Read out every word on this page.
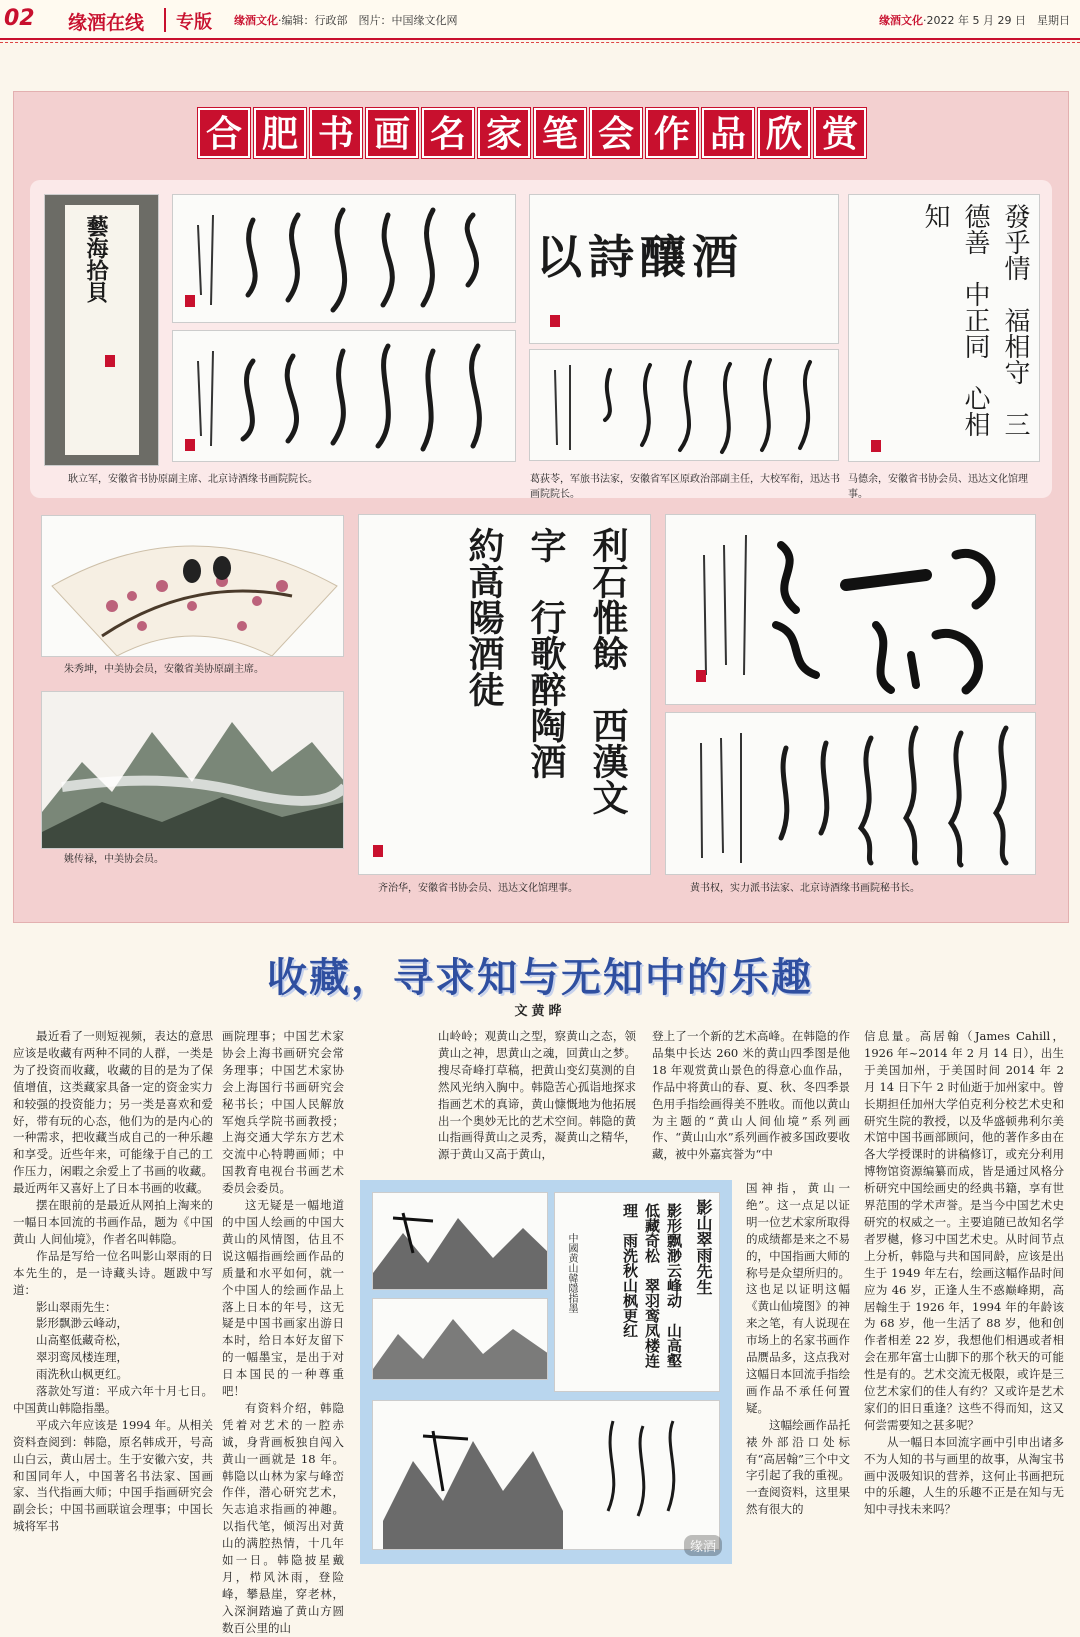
02 缘酒在线 专版 缘酒文化·编辑：行政部　图片：中国缘文化网	缘酒文化·2022 年 5 月 29 日　星期日
合 肥 书 画 名 家 笔 会 作 品 欣 赏
藝海拾貝	以詩釀酒	發乎情　福相守　三德善　中正同　心相知
耿立军，安徽省书协原副主席、北京诗酒缘书画院院长。	葛荻苓，军旅书法家，安徽省军区原政治部副主任，大校军衔，迅达书画院院长。
马德余，安徽省书协会员、迅达文化馆理事。
朱秀坤，中美协会员，安徽省美协原副主席。
姚传禄，中美协会员。
利石惟餘　西漢文字　行歌醉陶酒　約高陽酒徒
齐治华，安徽省书协会员、迅达文化馆理事。	黄书权，实力派书法家、北京诗酒缘书画院秘书长。
收藏，寻求知与无知中的乐趣
文黄晔

最近看了一则短视频，表达的意思应该是收藏有两种不同的人群，一类是为了投资而收藏，收藏的目的是为了保值增值，这类藏家具备一定的资金实力和较强的投资能力；另一类是喜欢和爱好，带有玩的心态，他们为的是内心的一种需求，把收藏当成自己的一种乐趣和享受。近些年来，可能缘于自己的工作压力，闲暇之余爱上了书画的收藏。最近两年又喜好上了日本书画的收藏。

摆在眼前的是最近从网拍上淘来的一幅日本回流的书画作品，题为《中国黄山 人间仙境》，作者名叫韩隐。

作品是写给一位名叫影山翠雨的日本先生的，是一诗藏头诗。题跋中写道：

影山翠雨先生：

影形飘渺云峰动，

山高壑低藏奇松，

翠羽鸾凤楼连理，

雨洗秋山枫更红。

落款处写道：平成六年十月七日。中国黄山韩隐指墨。

平成六年应该是 1994 年。从相关资料查阅到：韩隐，原名韩成开，号高山白云，黄山居士。生于安徽六安，共和国同年人，中国著名书法家、国画家、当代指画大师；中国手指画研究会副会长；中国书画联谊会理事；中国长城将军书

画院理事；中国艺术家协会上海书画研究会常务理事；中国艺术家协会上海国行书画研究会秘书长；中国人民解放军炮兵学院书画教授；上海交通大学东方艺术交流中心特聘画师；中国教育电视台书画艺术委员会委员。

这无疑是一幅地道的中国人绘画的中国大黄山的风情图，估且不说这幅指画绘画作品的质量和水平如何，就一个中国人的绘画作品上落上日本的年号，这无疑是中国书画家出游日本时，给日本好友留下的一幅墨宝，是出于对日本国民的一种尊重吧！

有资料介绍，韩隐凭着对艺术的一腔赤诚，身背画板独自闯入黄山一画就是 18 年。韩隐以山林为家与峰峦作伴，潜心研究艺术，矢志追求指画的神趣。以指代笔，倾泻出对黄山的满腔热情，十几年如一日。韩隐披星戴月，栉风沐雨，登险峰，攀悬崖，穿老林，入深涧踏遍了黄山方圆数百公里的山

山岭岭；观黄山之型，察黄山之态，领黄山之神，思黄山之魂，回黄山之梦。搜尽奇峰打草稿，把黄山变幻莫测的自然风光纳入胸中。韩隐苦心孤诣地探求指画艺术的真谛，黄山慷慨地为他拓展出一个奥妙无比的艺术空间。韩隐的黄山指画得黄山之灵秀，凝黄山之精华，源于黄山又高于黄山，

登上了一个新的艺术高峰。在韩隐的作品集中长达 260 米的黄山四季图是他 18 年观赏黄山景色的得意心血作品，作品中将黄山的春、夏、秋、冬四季景色用手指绘画得美不胜收。而他以黄山为主题的“黄山人间仙境”系列画作、“黄山山水”系列画作被多国政要收藏，被中外嘉宾誉为“中

国神指，黄山一绝”。这一点足以证明一位艺术家所取得的成绩都是来之不易的，中国指画大师的称号是众望所归的。这也足以证明这幅《黄山仙境图》的神来之笔，有人说现在市场上的名家书画作品赝品多，这点我对这幅日本回流手指绘画作品不承任何置疑。

这幅绘画作品托裱外部沿口处标有“高居翰”三个中文字引起了我的重视。一查阅资料，这里果然有很大的

信息量。高居翰（James Cahill，1926 年~2014 年 2 月 14 日），出生于美国加州，于美国时间 2014 年 2 月 14 日下午 2 时仙逝于加州家中。曾长期担任加州大学伯克利分校艺术史和研究生院的教授，以及华盛顿弗利尔美术馆中国书画部顾问，他的著作多由在各大学授课时的讲稿修订，或充分利用博物馆资源编纂而成，皆是通过风格分析研究中国绘画史的经典书籍，享有世界范围的学术声誉。是当今中国艺术史研究的权威之一。主要追随已故知名学者罗樾，修习中国艺术史。从时间节点上分析，韩隐与共和国同龄，应该是出生于 1949 年左右，绘画这幅作品时间应为 46 岁，正逢人生不惑巅峰期，高居翰生于 1926 年，1994 年的年龄该为 68 岁，他一生活了 88 岁，他和创作者相差 22 岁，我想他们相遇或者相会在那年富士山脚下的那个秋天的可能性是有的。艺术交流无极限，或许是三位艺术家们的佳人有约？又或许是艺术家们的旧日重逢？这些不得而知，这又何尝需要知之甚多呢？

从一幅日本回流字画中引申出诸多不为人知的书与画里的故事，从淘宝书画中汲吸知识的营养，这何止书画把玩中的乐趣，人生的乐趣不正是在知与无知中寻找未来吗？

影山翠雨先生
影形飘渺云峰动　山高壑低藏奇松　翠羽鸾凤楼连理　雨洗秋山枫更红
中國黄山韓隱指墨
缘酒
